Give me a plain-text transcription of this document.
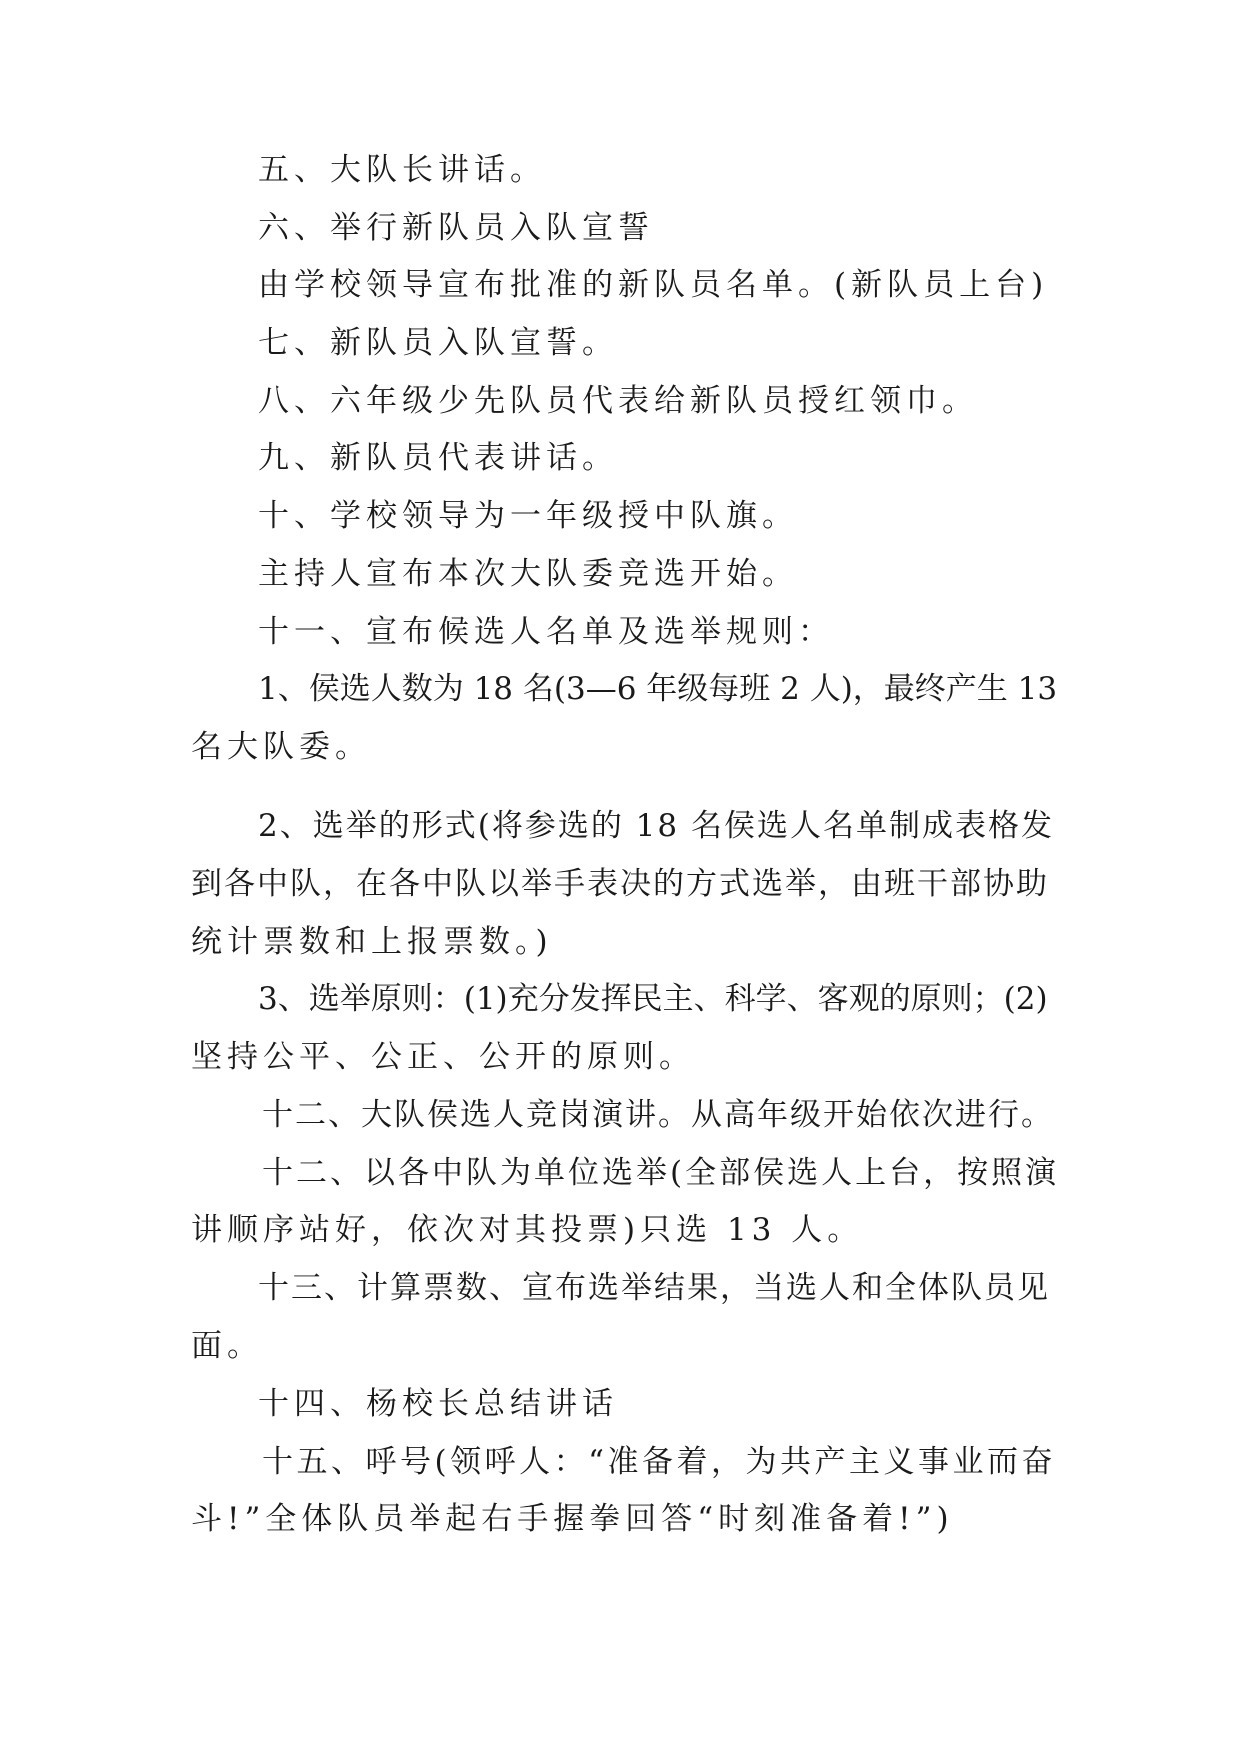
五、大队长讲话。
六、举行新队员入队宣誓
由学校领导宣布批准的新队员名单。(新队员上台)
七、新队员入队宣誓。
八、六年级少先队员代表给新队员授红领巾。
九、新队员代表讲话。
十、学校领导为一年级授中队旗。
主持人宣布本次大队委竞选开始。
十一、宣布候选人名单及选举规则：
1、侯选人数为 18 名(3—6 年级每班 2 人)，最终产生 13
名大队委。
2、选举的形式(将参选的 18 名侯选人名单制成表格发
到各中队，在各中队以举手表决的方式选举，由班干部协助
统计票数和上报票数。)
3、选举原则：(1)充分发挥民主、科学、客观的原则；(2)
坚持公平、公正、公开的原则。
十二、大队侯选人竞岗演讲。从高年级开始依次进行。
十二、以各中队为单位选举(全部侯选人上台，按照演
讲顺序站好，依次对其投票)只选 13 人。
十三、计算票数、宣布选举结果，当选人和全体队员见
面。
十四、杨校长总结讲话
十五、呼号(领呼人：“准备着，为共产主义事业而奋
斗!”全体队员举起右手握拳回答“时刻准备着!”)
